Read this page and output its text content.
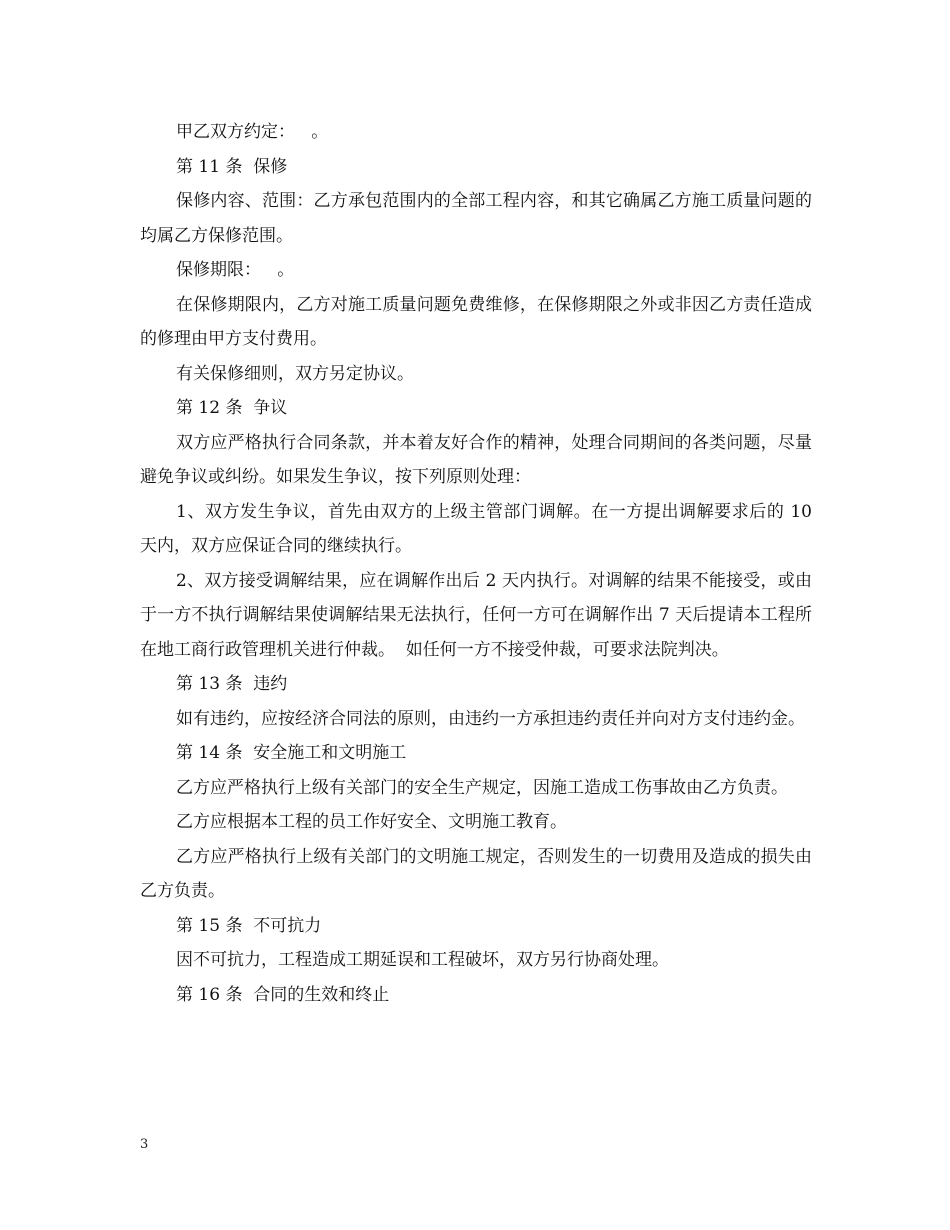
甲乙双方约定：   。

第 11 条  保修

保修内容、范围：乙方承包范围内的全部工程内容，和其它确属乙方施工质量问题的均属乙方保修范围。

保修期限：   。

在保修期限内，乙方对施工质量问题免费维修，在保修期限之外或非因乙方责任造成的修理由甲方支付费用。

有关保修细则，双方另定协议。

第 12 条  争议

双方应严格执行合同条款，并本着友好合作的精神，处理合同期间的各类问题，尽量避免争议或纠纷。如果发生争议，按下列原则处理：

1、双方发生争议，首先由双方的上级主管部门调解。在一方提出调解要求后的 10 天内，双方应保证合同的继续执行。

2、双方接受调解结果，应在调解作出后 2 天内执行。对调解的结果不能接受，或由于一方不执行调解结果使调解结果无法执行，任何一方可在调解作出 7 天后提请本工程所在地工商行政管理机关进行仲裁。  如任何一方不接受仲裁，可要求法院判决。

第 13 条  违约

如有违约，应按经济合同法的原则，由违约一方承担违约责任并向对方支付违约金。

第 14 条  安全施工和文明施工

乙方应严格执行上级有关部门的安全生产规定，因施工造成工伤事故由乙方负责。

乙方应根据本工程的员工作好安全、文明施工教育。

乙方应严格执行上级有关部门的文明施工规定，否则发生的一切费用及造成的损失由乙方负责。

第 15 条  不可抗力

因不可抗力，工程造成工期延误和工程破坏，双方另行协商处理。

第 16 条  合同的生效和终止

3
